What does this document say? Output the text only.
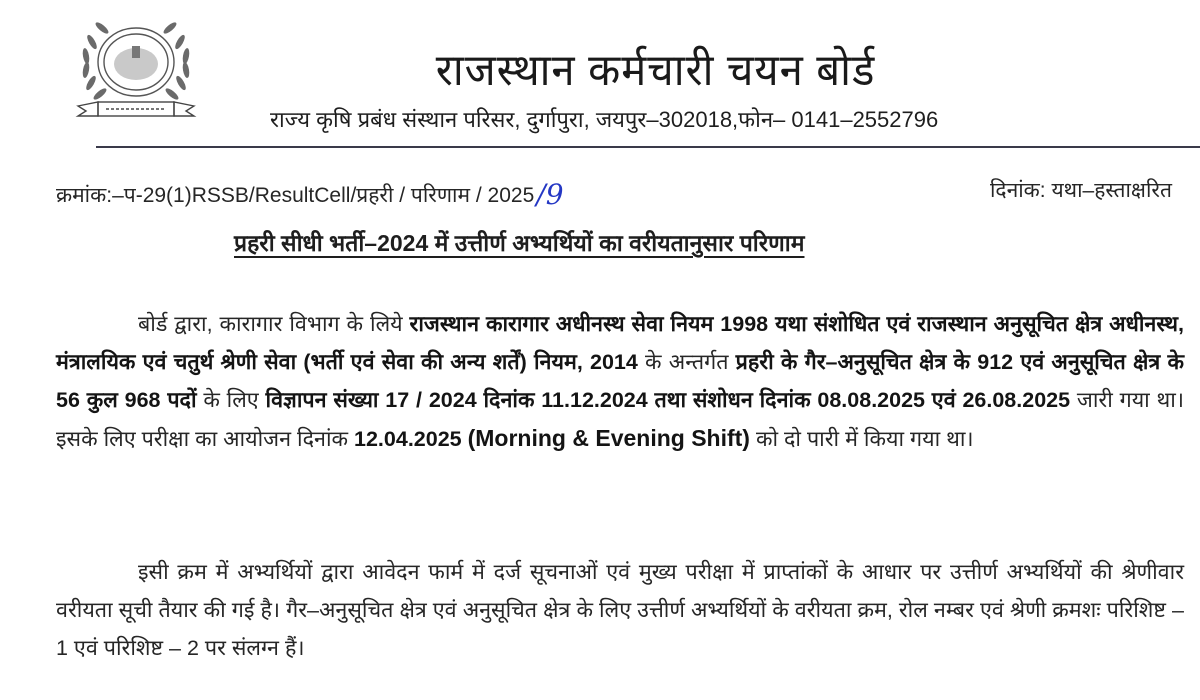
राजस्थान कर्मचारी चयन बोर्ड
राज्य कृषि प्रबंध संस्थान परिसर, दुर्गापुरा, जयपुर–302018,फोन– 0141–2552796
क्रमांक:–प-29(1)RSSB/ResultCell/प्रहरी / परिणाम / 2025/9	दिनांक: यथा–हस्ताक्षरित
प्रहरी सीधी भर्ती–2024 में उत्तीर्ण अभ्यर्थियों का वरीयतानुसार परिणाम

बोर्ड द्वारा, कारागार विभाग के लिये राजस्थान कारागार अधीनस्थ सेवा नियम 1998 यथा संशोधित एवं राजस्थान अनुसूचित क्षेत्र अधीनस्थ, मंत्रालयिक एवं चतुर्थ श्रेणी सेवा (भर्ती एवं सेवा की अन्य शर्तें) नियम, 2014 के अन्तर्गत प्रहरी के गैर–अनुसूचित क्षेत्र के 912 एवं अनुसूचित क्षेत्र के 56 कुल 968 पदों के लिए विज्ञापन संख्या 17 / 2024 दिनांक 11.12.2024 तथा संशोधन दिनांक 08.08.2025 एवं 26.08.2025 जारी गया था। इसके लिए परीक्षा का आयोजन दिनांक 12.04.2025 (Morning & Evening Shift) को दो पारी में किया गया था।

इसी क्रम में अभ्यर्थियों द्वारा आवेदन फार्म में दर्ज सूचनाओं एवं मुख्य परीक्षा में प्राप्तांकों के आधार पर उत्तीर्ण अभ्यर्थियों की श्रेणीवार वरीयता सूची तैयार की गई है। गैर–अनुसूचित क्षेत्र एवं अनुसूचित क्षेत्र के लिए उत्तीर्ण अभ्यर्थियों के वरीयता क्रम, रोल नम्बर एवं श्रेणी क्रमशः परिशिष्ट – 1 एवं परिशिष्ट – 2 पर संलग्न हैं।
